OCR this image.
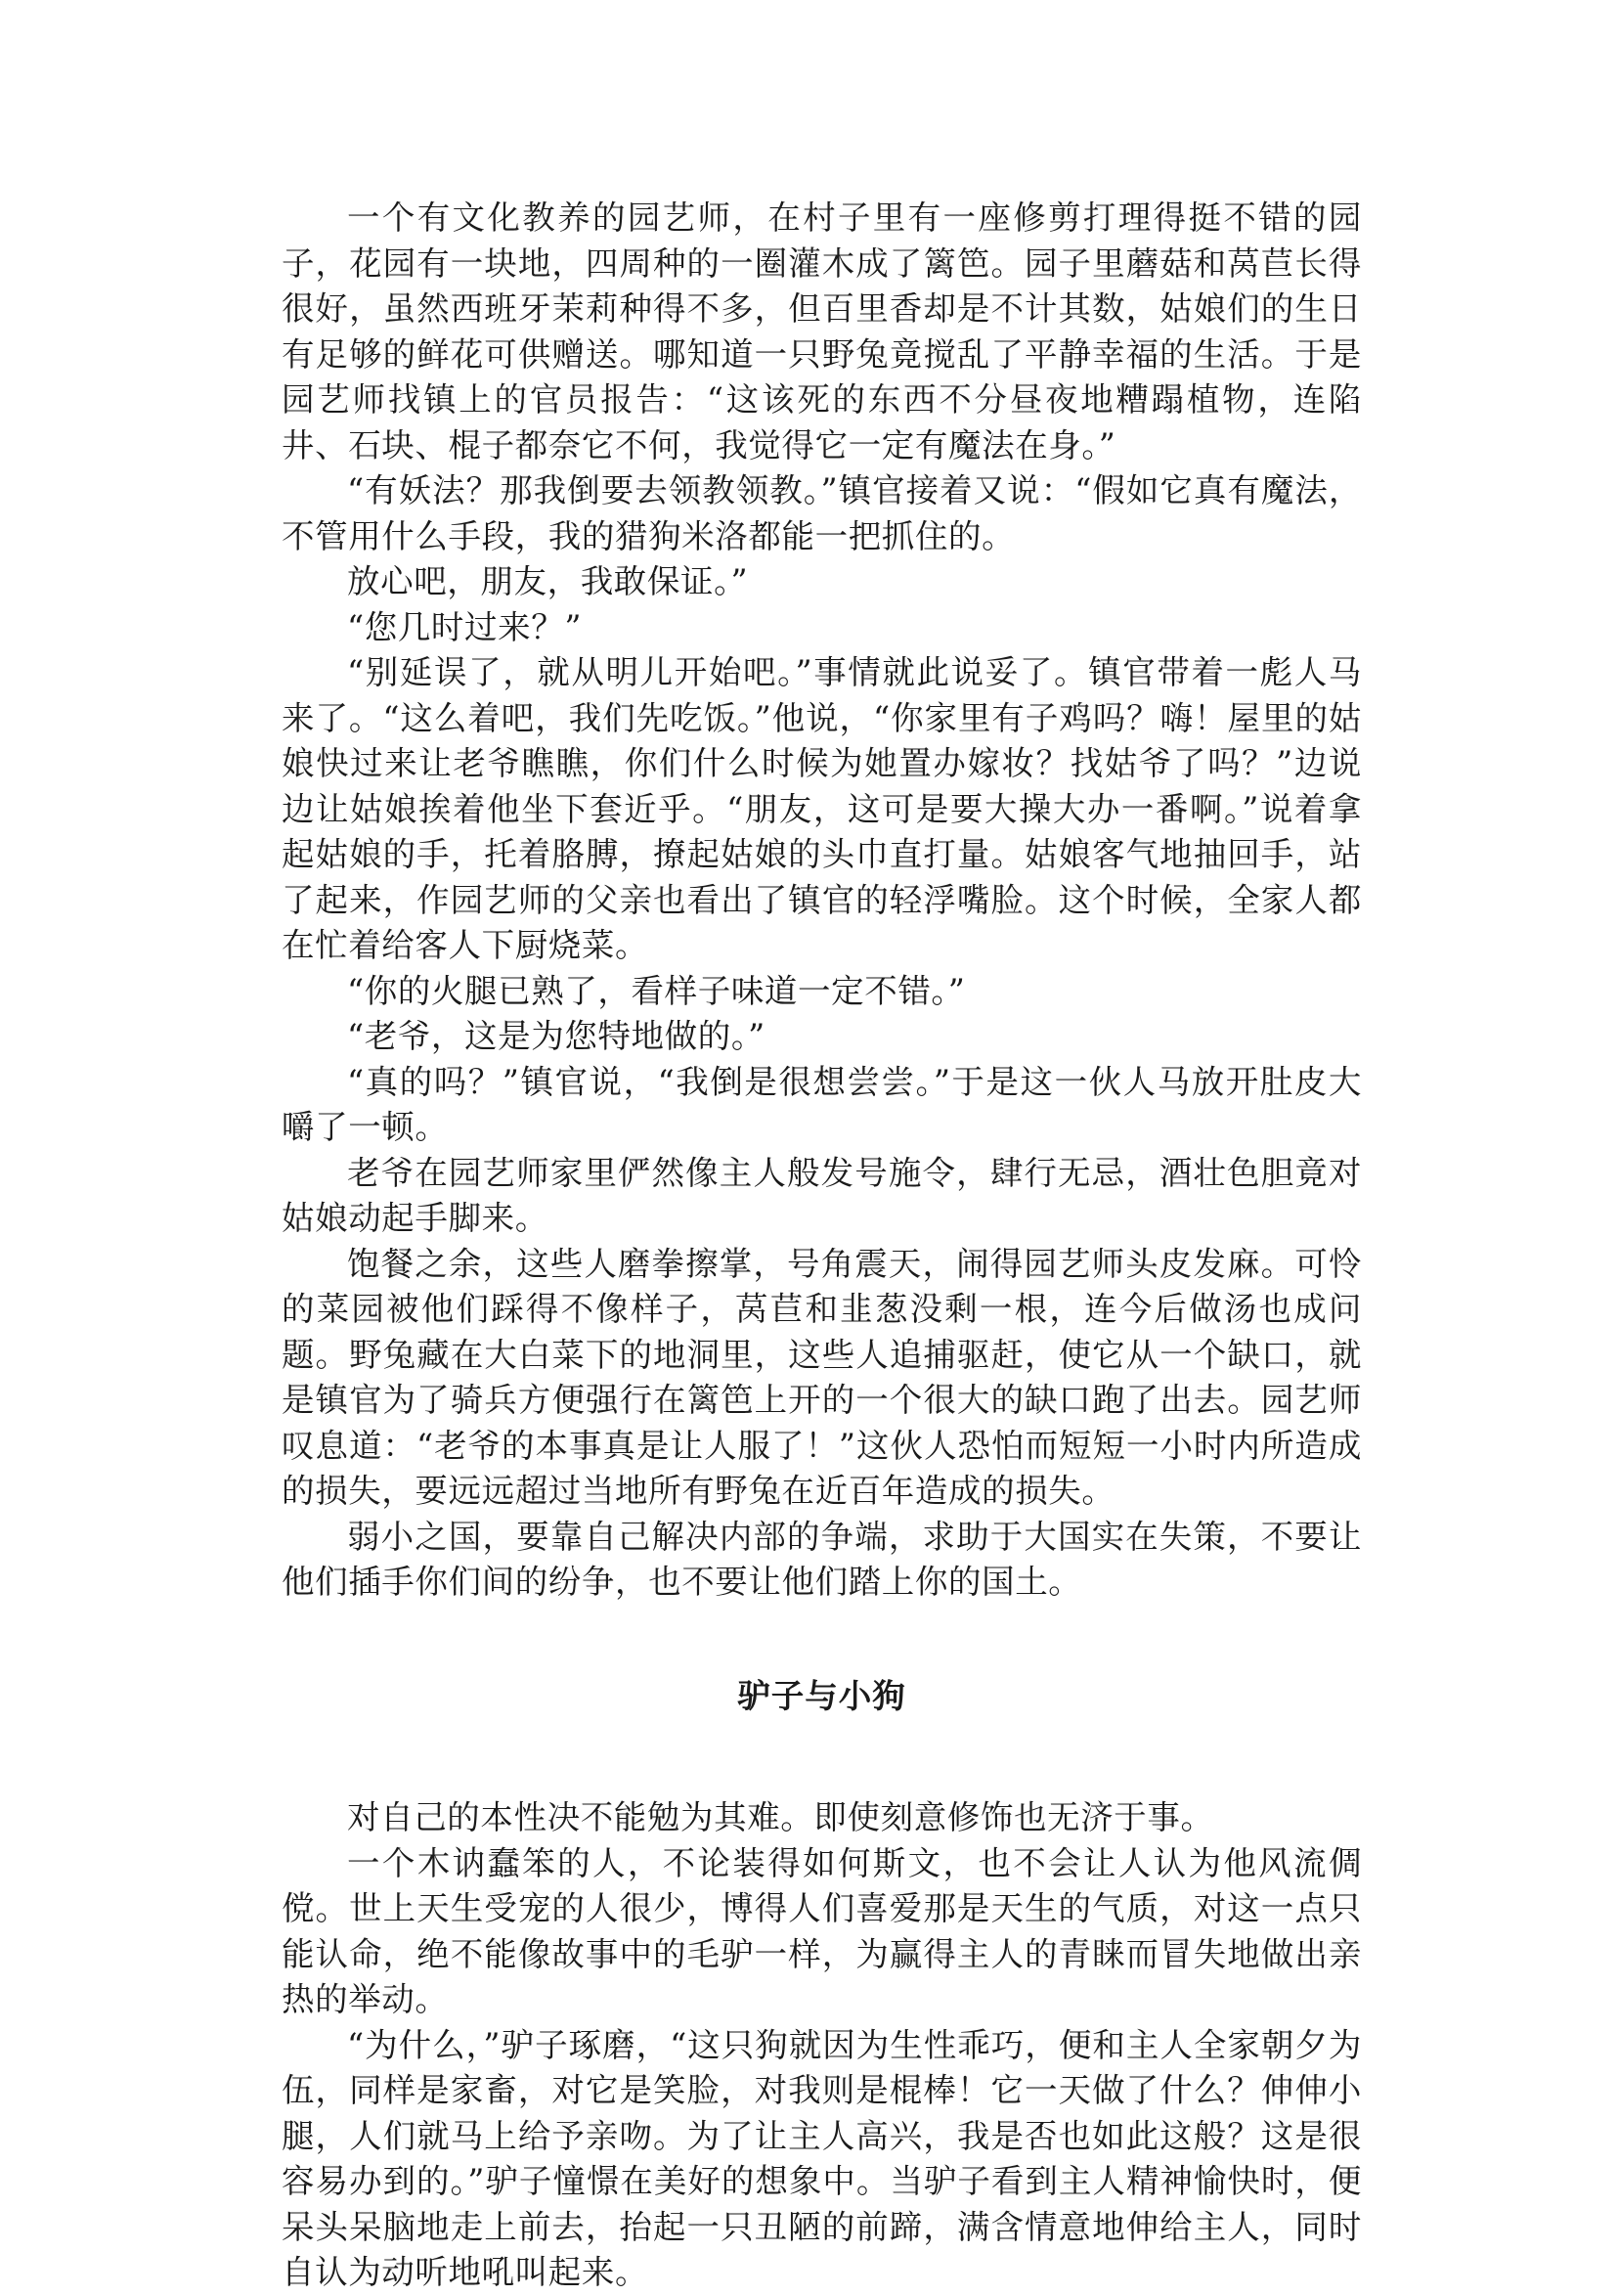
一个有文化教养的园艺师，在村子里有一座修剪打理得挺不错的园子，花园有一块地，四周种的一圈灌木成了篱笆。园子里蘑菇和莴苣长得很好，虽然西班牙茉莉种得不多，但百里香却是不计其数，姑娘们的生日有足够的鲜花可供赠送。哪知道一只野兔竟搅乱了平静幸福的生活。于是园艺师找镇上的官员报告：“这该死的东西不分昼夜地糟蹋植物，连陷井、石块、棍子都奈它不何，我觉得它一定有魔法在身。”

“有妖法？那我倒要去领教领教。”镇官接着又说：“假如它真有魔法，不管用什么手段，我的猎狗米洛都能一把抓住的。

放心吧，朋友，我敢保证。”

“您几时过来？”

“别延误了，就从明儿开始吧。”事情就此说妥了。镇官带着一彪人马来了。“这么着吧，我们先吃饭。”他说，“你家里有子鸡吗？嗨！屋里的姑娘快过来让老爷瞧瞧，你们什么时候为她置办嫁妆？找姑爷了吗？”边说边让姑娘挨着他坐下套近乎。“朋友，这可是要大操大办一番啊。”说着拿起姑娘的手，托着胳膊，撩起姑娘的头巾直打量。姑娘客气地抽回手，站了起来，作园艺师的父亲也看出了镇官的轻浮嘴脸。这个时候，全家人都在忙着给客人下厨烧菜。

“你的火腿已熟了，看样子味道一定不错。”

“老爷，这是为您特地做的。”

“真的吗？”镇官说，“我倒是很想尝尝。”于是这一伙人马放开肚皮大嚼了一顿。

老爷在园艺师家里俨然像主人般发号施令，肆行无忌，酒壮色胆竟对姑娘动起手脚来。

饱餐之余，这些人磨拳擦掌，号角震天，闹得园艺师头皮发麻。可怜的菜园被他们踩得不像样子，莴苣和韭葱没剩一根，连今后做汤也成问题。野兔藏在大白菜下的地洞里，这些人追捕驱赶，使它从一个缺口，就是镇官为了骑兵方便强行在篱笆上开的一个很大的缺口跑了出去。园艺师叹息道：“老爷的本事真是让人服了！”这伙人恐怕而短短一小时内所造成的损失，要远远超过当地所有野兔在近百年造成的损失。

弱小之国，要靠自己解决内部的争端，求助于大国实在失策，不要让他们插手你们间的纷争，也不要让他们踏上你的国土。

驴子与小狗

对自己的本性决不能勉为其难。即使刻意修饰也无济于事。

一个木讷蠢笨的人，不论装得如何斯文，也不会让人认为他风流倜傥。世上天生受宠的人很少，博得人们喜爱那是天生的气质，对这一点只能认命，绝不能像故事中的毛驴一样，为赢得主人的青睐而冒失地做出亲热的举动。

“为什么，”驴子琢磨，“这只狗就因为生性乖巧，便和主人全家朝夕为伍，同样是家畜，对它是笑脸，对我则是棍棒！它一天做了什么？伸伸小腿，人们就马上给予亲吻。为了让主人高兴，我是否也如此这般？这是很容易办到的。”驴子憧憬在美好的想象中。当驴子看到主人精神愉快时，便呆头呆脑地走上前去，抬起一只丑陋的前蹄，满含情意地伸给主人，同时自认为动听地吼叫起来。
